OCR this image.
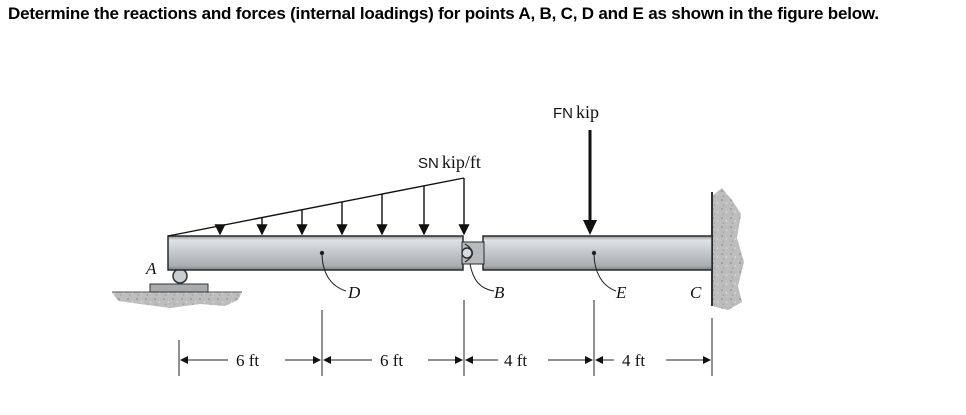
Determine the reactions and forces (internal loadings) for points A, B, C, D and E as shown in the figure below.
SN kip/ft
FN kip
A
D	B	E	C
6 ft	6 ft	4 ft	4 ft
